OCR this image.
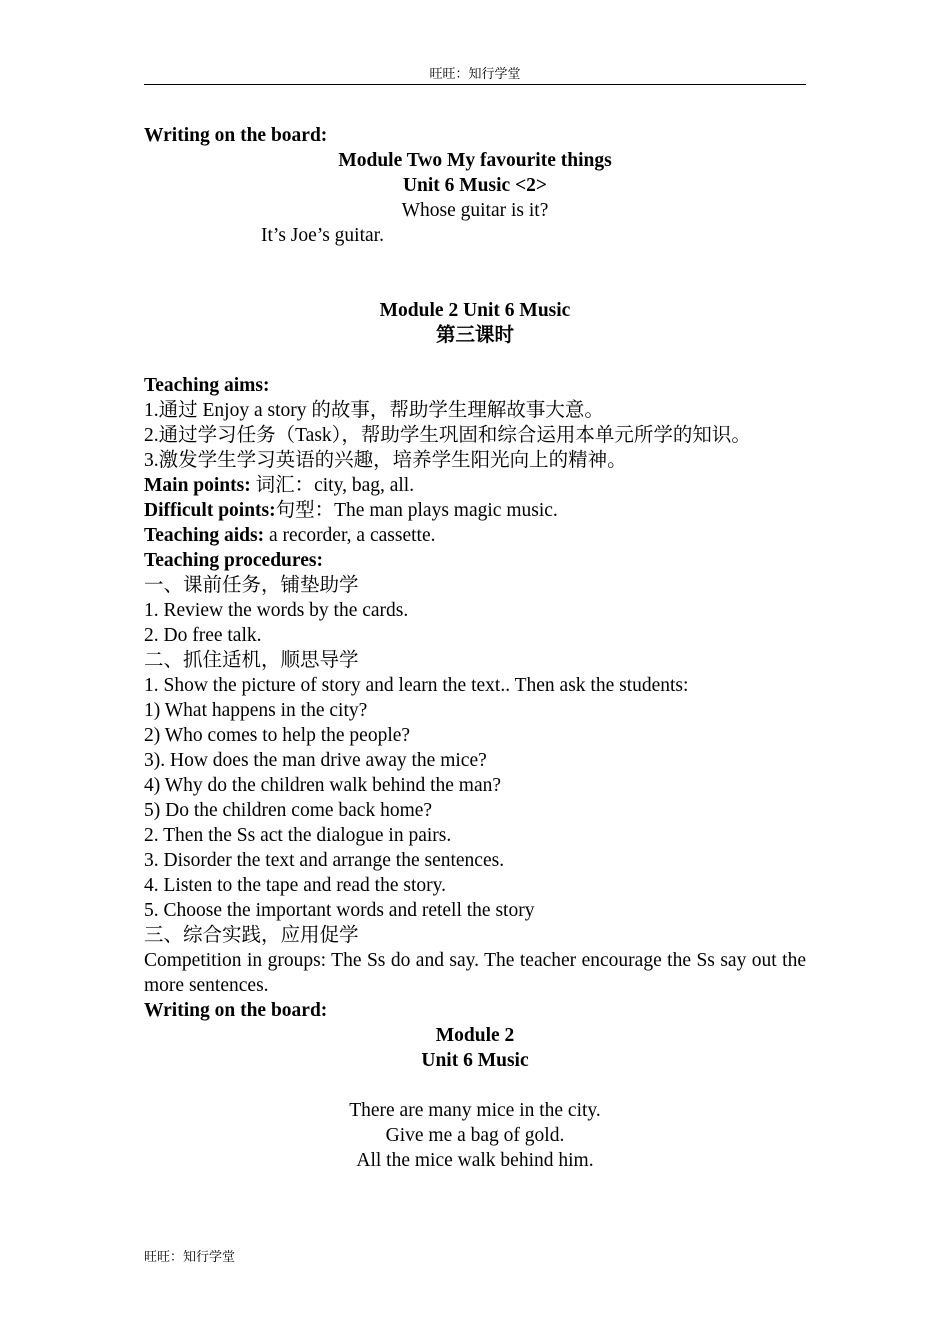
旺旺：知行学堂

Writing on the board:

Module Two My favourite things

Unit 6 Music <2>

Whose guitar is it?

It’s Joe’s guitar.

Module 2 Unit 6 Music

第三课时

Teaching aims:

1.通过 Enjoy a story 的故事，帮助学生理解故事大意。

2.通过学习任务（Task），帮助学生巩固和综合运用本单元所学的知识。

3.激发学生学习英语的兴趣，培养学生阳光向上的精神。

Main points: 词汇：city, bag, all.

Difficult points:句型：The man plays magic music.

Teaching aids: a recorder, a cassette.

Teaching procedures:

一、课前任务，铺垫助学

1. Review the words by the cards.

2. Do free talk.

二、抓住适机，顺思导学

1. Show the picture of story and learn the text.. Then ask the students:

1) What happens in the city?

2) Who comes to help the people?

3). How does the man drive away the mice?

4) Why do the children walk behind the man?

5) Do the children come back home?

2. Then the Ss act the dialogue in pairs.

3. Disorder the text and arrange the sentences.

4. Listen to the tape and read the story.

5. Choose the important words and retell the story

三、综合实践，应用促学

Competition in groups: The Ss do and say. The teacher encourage the Ss say out the more sentences.

Writing on the board:

Module 2

Unit 6 Music

There are many mice in the city.

Give me a bag of gold.

All the mice walk behind him.

旺旺：知行学堂
